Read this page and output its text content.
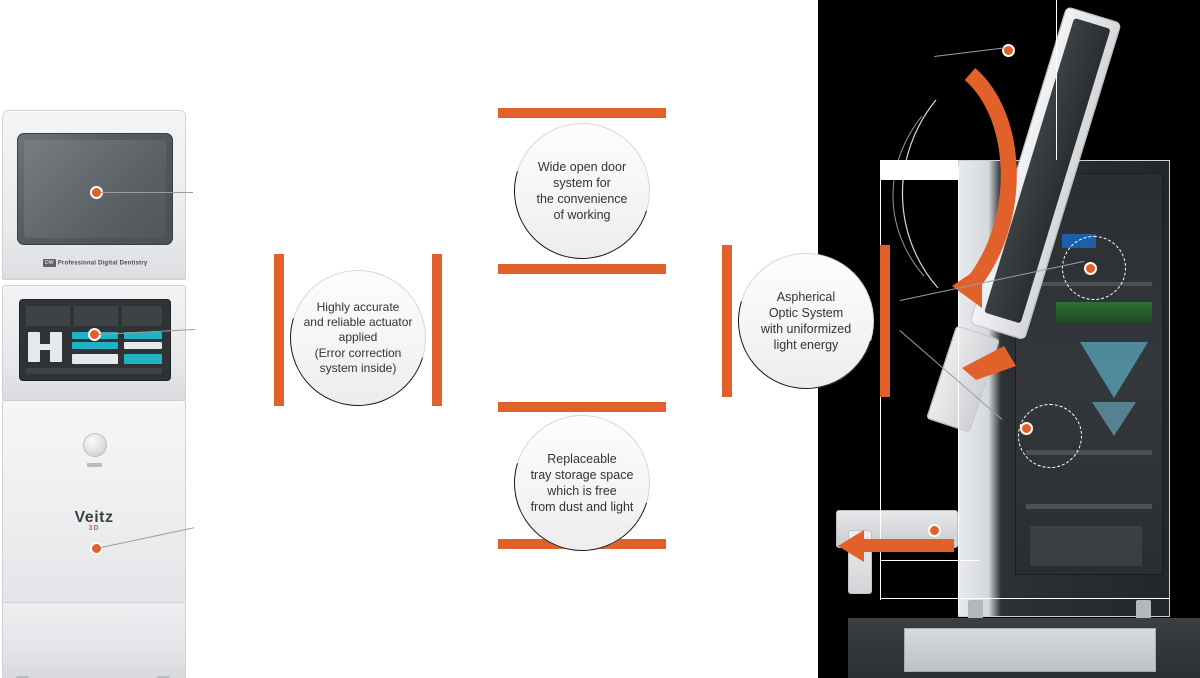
DW Professional Digital Dentistry
Veitz
3D
Wide open door
system for
the convenience
of working
Replaceable
tray storage space
which is free
from dust and light
Highly accurate
and reliable actuator
applied
(Error correction
system inside)
Aspherical
Optic System
with uniformized
light energy
